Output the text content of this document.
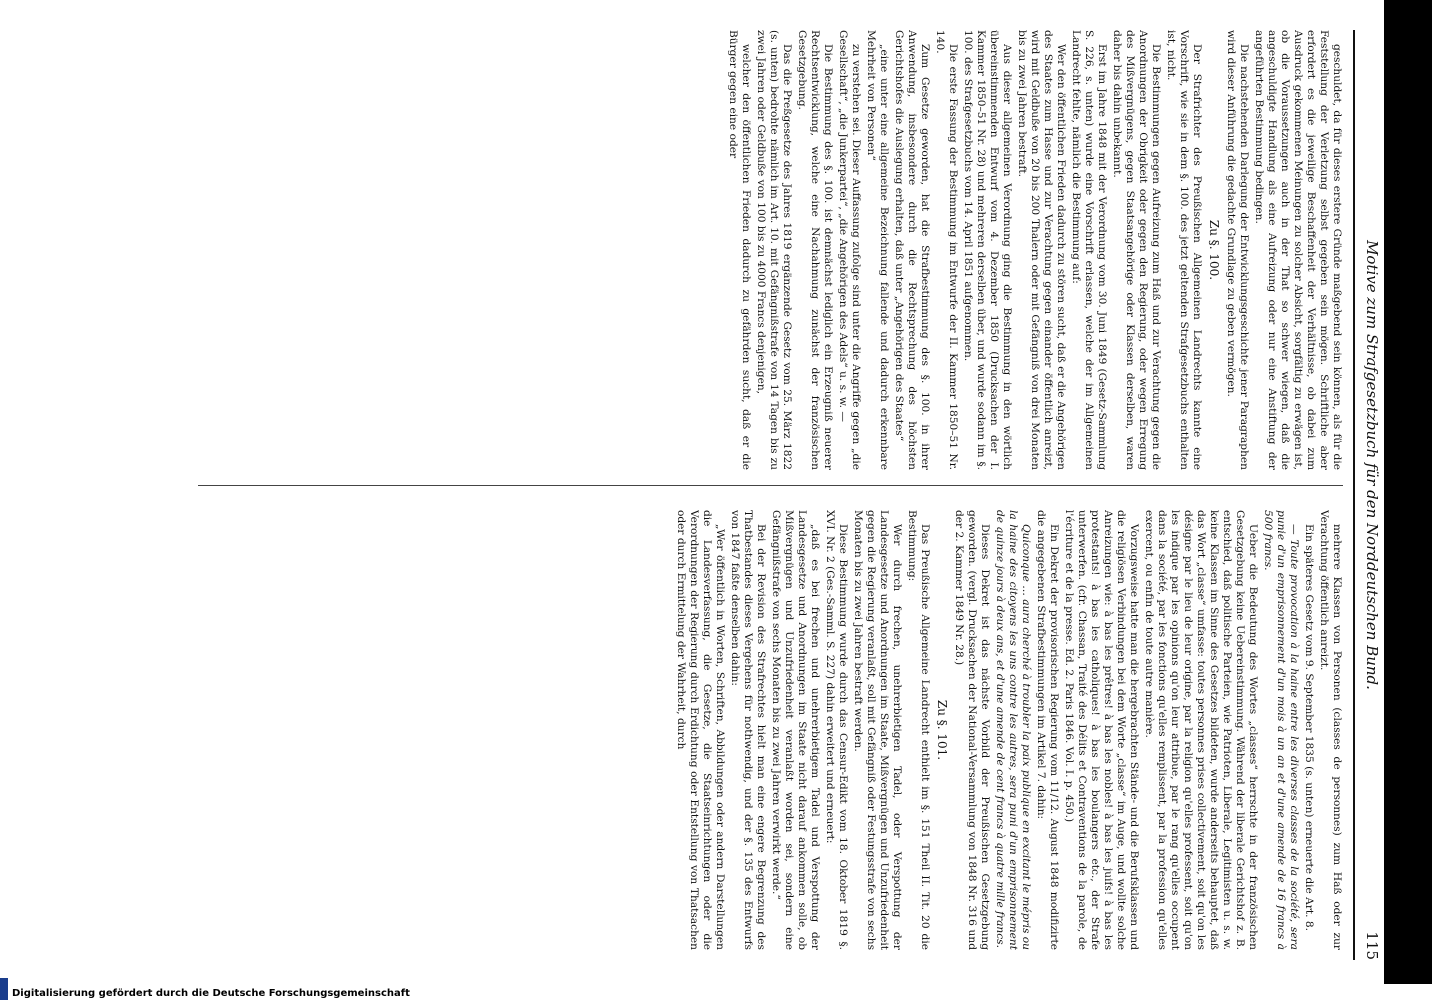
Motive zum Strafgesetzbuch für den Norddeutschen Bund.
115

geschuldet, da für dieses erstere Gründe maßgebend sein können, als für die Feststellung der Verletzung selbst gegeben sein mögen. Schriftliche aber erfordert es die jeweilige Beschaffenheit der Verhältnisse, ob dabei zum Ausdruck gekommenen Meinungen zu solcher Absicht, sorgfältig zu erwägen ist, ob die Voraussetzungen auch in der That so schwer wiegen, daß die angeschuldigte Handlung als eine Aufreizung oder nur eine Anstiftung der angeführten Bestimmung bedingen.

Die nachstehenden Darlegung der Entwicklungsgeschichte jener Paragraphen wird dieser Anführung die gedachte Grundlage zu geben vermögen.

Zu §. 100.

Der Strafrichter des Preußischen Allgemeinen Landrechts kannte eine Vorschrift, wie sie in dem §. 100. des jetzt geltenden Strafgesetzbuchs enthalten ist, nicht.

Die Bestimmungen gegen Aufreizung zum Haß und zur Verachtung gegen die Anordnungen der Obrigkeit oder gegen den Regierung, oder wegen Erregung des Mißvergnügens, gegen Staatsangehörige oder Klassen derselben, waren daher bis dahin unbekannt.

Erst im Jahre 1848 mit der Verordnung vom 30. Juni 1849 (Gesetz-Sammlung S. 226, s. unten) wurde eine Vorschrift erlassen, welche der im Allgemeinen Landrecht fehlte, nämlich die Bestimmung auf:

Wer den öffentlichen Frieden dadurch zu stören sucht, daß er die Angehörigen des Staates zum Hasse und zur Verachtung gegen einander öffentlich anreizt, wird mit Geldbuße von 20 bis 200 Thalern oder mit Gefängniß von drei Monaten bis zu zwei Jahren bestraft.

Aus dieser allgemeinen Verordnung ging die Bestimmung in den wörtlich übereinstimmenden Entwurf vom 4. Dezember 1850 (Drucksachen der I. Kammer 1850–51 Nr. 28) und mehreren derselben über, und wurde sodann im §. 100. des Strafgesetzbuchs vom 14. April 1851 aufgenommen.

Die erste Fassung der Bestimmung im Entwurfe der II. Kammer 1850–51 Nr. 140.

Zum Gesetze geworden, hat die Strafbestimmung des §. 100. in ihrer Anwendung, insbesondere durch die Rechtsprechung des höchsten Gerichtshofes die Auslegung erhalten, daß unter „Angehörigen des Staates“

„eine unter eine allgemeine Bezeichnung fallende und dadurch erkennbare Mehrheit von Personen“

zu verstehen sei. Dieser Auffassung zufolge sind unter die Angriffe gegen „die Gesellschaft“, „die Junkerpartei“, „die Angehörigen des Adels“ u. s. w. —

Die Bestimmung des §. 100. ist demnächst lediglich ein Erzeugniß neuerer Rechtsentwicklung, welche eine Nachahmung zunächst der französischen Gesetzgebung.

Das die Preßgesetze des Jahres 1819 ergänzende Gesetz vom 25. März 1822 (s. unten) bedrohte nämlich im Art. 10. mit Gefängnißstrafe von 14 Tagen bis zu zwei Jahren oder Geldbuße von 100 bis zu 4000 Francs denjenigen,

welcher den öffentlichen Frieden dadurch zu gefährden sucht, daß er die Bürger gegen eine oder

mehrere Klassen von Personen (classes de personnes) zum Haß oder zur Verachtung öffentlich anreizt.

Ein späteres Gesetz vom 9. September 1835 (s. unten) erneuerte die Art. 8.

— Toute provocation à la haine entre les diverses classes de la société, sera punie d'un emprisonnement d'un mois à un an et d'une amende de 16 francs à 500 francs.

Ueber die Bedeutung des Wortes „classes“ herrschte in der französischen Gesetzgebung keine Uebereinstimmung. Während der liberale Gerichtshof z. B. entschied, daß politische Parteien, wie Patrioten, Liberale, Legitimisten u. s. w. keine Klassen im Sinne des Gesetzes bildeten, wurde anderseits behauptet, daß das Wort „classe“ umfasse: toutes personnes prises collectivement, soit qu'on les désigne par le lieu de leur origine, par la religion qu'elles professent, soit qu'on les indique par les opinions qu'on leur attribue, par le rang qu'elles occupent dans la société, par les fonctions qu'elles remplissent, par la profession qu'elles exercent, ou enfin de toute autre manière.

Vorzugsweise hatte man die hergebrachten Stände- und die Berufsklassen und die religiösen Verbindungen bei dem Worte „classe“ im Auge, und wollte solche Anreizungen wie: à bas les prêtres! à bas les nobles! à bas les juifs! à bas les protestants! à bas les catholiques! à bas les boulangers etc., der Strafe unterwerfen. (cfr. Chassan, Traité des Délits et Contraventions de la parole, de l'écriture et de la presse. Ed. 2. Paris 1846. Vol. I. p. 450.)

Ein Dekret der provisorischen Regierung vom 11/12. August 1848 modifizirte die angegebenen Strafbestimmungen im Artikel 7. dahin:

Quiconque … aura cherché à troubler la paix publique en excitant le mépris ou la haine des citoyens les uns contre les autres, sera puni d'un emprisonnement de quinze jours à deux ans, et d'une amende de cent francs à quatre mille francs.

Dieses Dekret ist das nächste Vorbild der Preußischen Gesetzgebung geworden. (vergl. Drucksachen der National-Versammlung von 1848 Nr. 316 und der 2. Kammer 1849 Nr. 28.)

Zu §. 101.

Das Preußische Allgemeine Landrecht enthielt im §. 151 Theil II. Tit. 20 die Bestimmung:

Wer durch frechen, unehrerbietigen Tadel, oder Verspottung der Landesgesetze und Anordnungen im Staate, Mißvergnügen und Unzufriedenheit gegen die Regierung veranlaßt, soll mit Gefängniß oder Festungsstrafe von sechs Monaten bis zu zwei Jahren bestraft werden.

Diese Bestimmung wurde durch das Censur-Edikt vom 18. Oktober 1819 §. XVI. Nr. 2 (Ges.-Samml. S. 227) dahin erweitert und erneuert:

„daß es bei frechen und unehrerbietigem Tadel und Verspottung der Landesgesetze und Anordnungen im Staate nicht darauf ankommen solle, ob Mißvergnügen und Unzufriedenheit veranlaßt worden sei, sondern eine Gefängnißstrafe von sechs Monaten bis zu zwei Jahren verwirkt werde.“

Bei der Revision des Strafrechtes hielt man eine engere Begrenzung des Thatbestandes dieses Vergehens für nothwendig, und der §. 135 des Entwurfs von 1847 faßte denselben dahin:

„Wer öffentlich in Worten, Schriften, Abbildungen oder andern Darstellungen die Landesverfassung, die Gesetze, die Staatseinrichtungen oder die Verordnungen der Regierung durch Erdichtung oder Entstellung von Thatsachen oder durch Ermittelung der Wahrheit, durch

Digitalisierung gefördert durch die Deutsche Forschungsgemeinschaft
